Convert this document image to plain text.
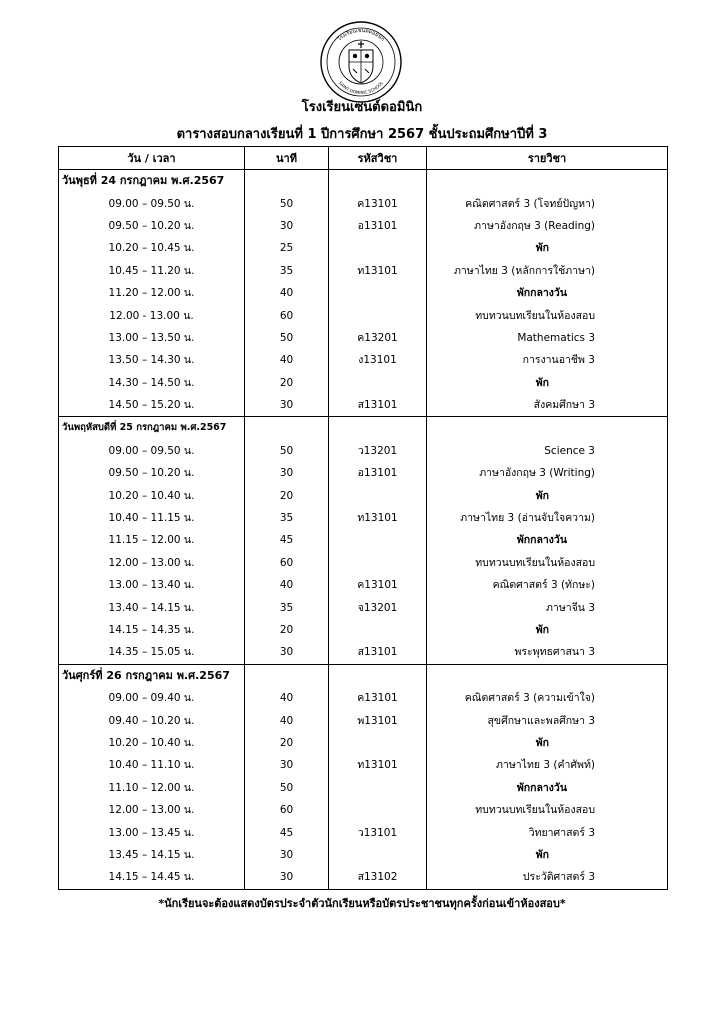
โรงเรียนเซนต์ดอมินิก
SAINT DOMINIC SCHOOL
โรงเรียนเซนต์ดอมินิก
ตารางสอบกลางเรียนที่ 1 ปีการศึกษา 2567 ชั้นประถมศึกษาปีที่ 3
วัน / เวลา	นาที	รหัสวิชา	รายวิชา
วันพุธที่ 24 กรกฎาคม พ.ศ.2567			
09.00 – 09.50 น.	50	ค13101	คณิตศาสตร์ 3 (โจทย์ปัญหา)
09.50 – 10.20 น.	30	อ13101	ภาษาอังกฤษ 3 (Reading)
10.20 – 10.45 น.	25		พัก
10.45 – 11.20 น.	35	ท13101	ภาษาไทย 3 (หลักการใช้ภาษา)
11.20 – 12.00 น.	40		พักกลางวัน
12.00 - 13.00 น.	60		ทบทวนบทเรียนในห้องสอบ
13.00 – 13.50 น.	50	ค13201	Mathematics 3
13.50 – 14.30 น.	40	ง13101	การงานอาชีพ 3
14.30 – 14.50 น.	20		พัก
14.50 – 15.20 น.	30	ส13101	สังคมศึกษา 3
วันพฤหัสบดีที่ 25 กรกฎาคม พ.ศ.2567			
09.00 – 09.50 น.	50	ว13201	Science 3
09.50 – 10.20 น.	30	อ13101	ภาษาอังกฤษ 3 (Writing)
10.20 – 10.40 น.	20		พัก
10.40 – 11.15 น.	35	ท13101	ภาษาไทย 3 (อ่านจับใจความ)
11.15 – 12.00 น.	45		พักกลางวัน
12.00 – 13.00 น.	60		ทบทวนบทเรียนในห้องสอบ
13.00 – 13.40 น.	40	ค13101	คณิตศาสตร์ 3 (ทักษะ)
13.40 – 14.15 น.	35	จ13201	ภาษาจีน 3
14.15 – 14.35 น.	20		พัก
14.35 – 15.05 น.	30	ส13101	พระพุทธศาสนา 3
วันศุกร์ที่ 26 กรกฎาคม พ.ศ.2567			
09.00 – 09.40 น.	40	ค13101	คณิตศาสตร์ 3 (ความเข้าใจ)
09.40 – 10.20 น.	40	พ13101	สุขศึกษาและพลศึกษา 3
10.20 – 10.40 น.	20		พัก
10.40 – 11.10 น.	30	ท13101	ภาษาไทย 3 (คำศัพท์)
11.10 – 12.00 น.	50		พักกลางวัน
12.00 – 13.00 น.	60		ทบทวนบทเรียนในห้องสอบ
13.00 – 13.45 น.	45	ว13101	วิทยาศาสตร์ 3
13.45 – 14.15 น.	30		พัก
14.15 – 14.45 น.	30	ส13102	ประวัติศาสตร์ 3
*นักเรียนจะต้องแสดงบัตรประจำตัวนักเรียนหรือบัตรประชาชนทุกครั้งก่อนเข้าห้องสอบ*
